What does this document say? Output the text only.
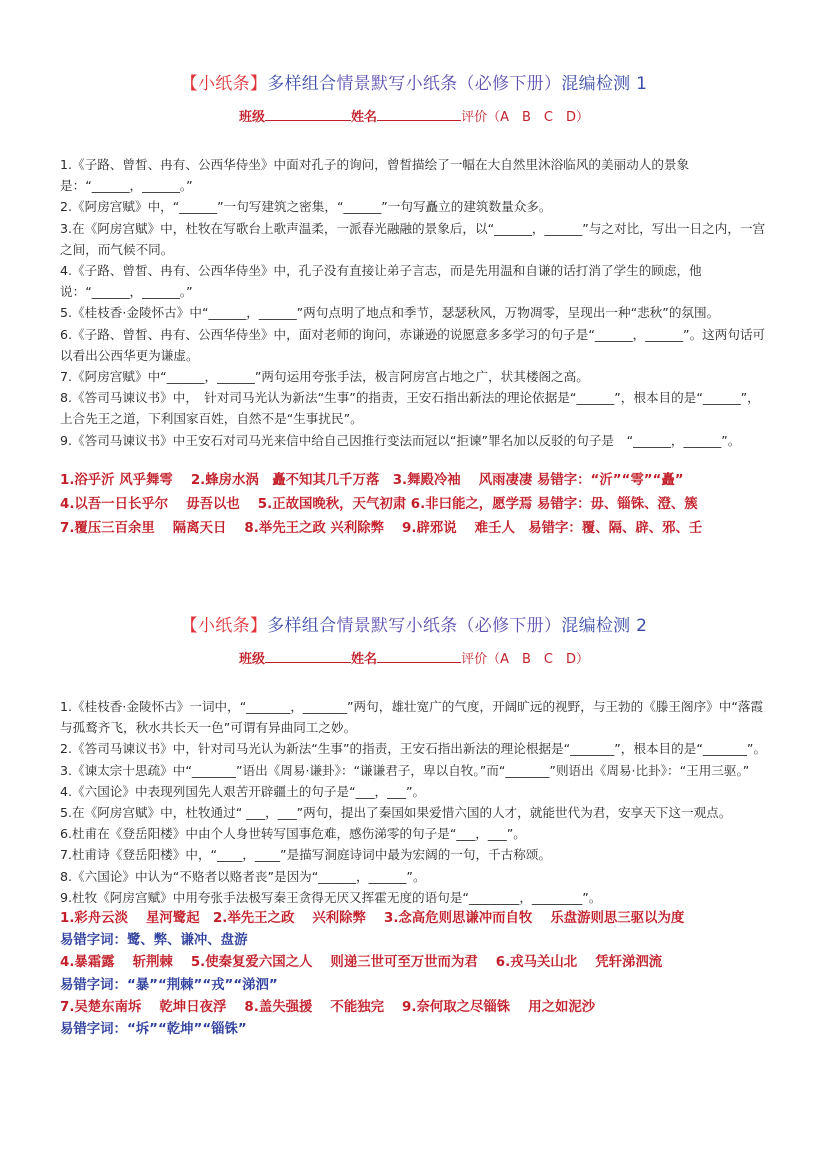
【小纸条】多样组合情景默写小纸条（必修下册）混编检测 1
班级	姓名	评价（A　B　C　D）

1.《子路、曾皙、冉有、公西华侍坐》中面对孔子的询问，曾皙描绘了一幅在大自然里沐浴临风的美丽动人的景象是：“______，______。”

2.《阿房宫赋》中，“______”一句写建筑之密集，“______”一句写矗立的建筑数量众多。

3.在《阿房宫赋》中，杜牧在写歌台上歌声温柔，一派春光融融的景象后，以“______，______”与之对比，写出一日之内，一宫之间，而气候不同。

4.《子路、曾皙、冉有、公西华侍坐》中，孔子没有直接让弟子言志，而是先用温和自谦的话打消了学生的顾虑，他说：“______，______。”

5.《桂枝香·金陵怀古》中“______，______”两句点明了地点和季节，瑟瑟秋风，万物凋零，呈现出一种“悲秋”的氛围。

6.《子路、曾皙、冉有、公西华侍坐》中，面对老师的询问，赤谦逊的说愿意多多学习的句子是“______，______”。这两句话可以看出公西华更为谦虚。

7.《阿房宫赋》中“______，______”两句运用夸张手法，极言阿房宫占地之广，状其楼阁之高。

8.《答司马谏议书》中，　针对司马光认为新法“生事”的指责，王安石指出新法的理论依据是“______”，根本目的是“______”，上合先王之道，下利国家百姓，自然不是“生事扰民”。

9.《答司马谏议书》中王安石对司马光来信中给自己因推行变法而冠以“拒谏”罪名加以反驳的句子是　“______，______”。

1.浴乎沂 风乎舞雩　 2.蜂房水涡　矗不知其几千万落　3.舞殿冷袖　 风雨凄凄 易错字：“沂”“雩”“矗”

4.以吾一日长乎尔　 毋吾以也　 5.正故国晚秋，天气初肃 6.非曰能之，愿学焉 易错字：毋、锱铢、澄、簇

7.覆压三百余里　 隔离天日　 8.举先王之政 兴利除弊　 9.辟邪说　 难壬人　易错字：覆、隔、辟、邪、壬

【小纸条】多样组合情景默写小纸条（必修下册）混编检测 2
班级	姓名	评价（A　B　C　D）

1.《桂枝香·金陵怀古》一词中，“_______，_______”两句，雄壮宽广的气度，开阔旷远的视野，与王勃的《滕王阁序》中“落霞与孤鹜齐飞，秋水共长天一色”可谓有异曲同工之妙。

2.《答司马谏议书》中，针对司马光认为新法“生事”的指责，王安石指出新法的理论根据是“_______”，根本目的是“_______”。

3.《谏太宗十思疏》中“_______”语出《周易·谦卦》：“谦谦君子，卑以自牧。”而“_______”则语出《周易·比卦》：“王用三驱。”

4.《六国论》中表现列国先人艰苦开辟疆土的句子是“___，___”。

5.在《阿房宫赋》中，杜牧通过“ ___，___”两句，提出了秦国如果爱惜六国的人才，就能世代为君，安享天下这一观点。

6.杜甫在《登岳阳楼》中由个人身世转写国事危难，感伤涕零的句子是“___，___”。

7.杜甫诗《登岳阳楼》中，“____，____”是描写洞庭诗词中最为宏阔的一句，千古称颂。

8.《六国论》中认为“不赂者以赂者丧”是因为“______，______”。

9.杜牧《阿房宫赋》中用夸张手法极写秦王贪得无厌又挥霍无度的语句是“________，________”。

1.彩舟云淡　 星河鹭起　2.举先王之政　 兴利除弊　 3.念高危则思谦冲而自牧　 乐盘游则思三驱以为度

易错字词：鹭、弊、谦冲、盘游

4.暴霜露　 斩荆棘　 5.使秦复爱六国之人　 则递三世可至万世而为君　 6.戎马关山北　 凭轩涕泗流

易错字词：“暴”“荆棘”“戎”“涕泗”

7.吴楚东南坼　 乾坤日夜浮　 8.盖失强援　 不能独完　 9.奈何取之尽锱铢　 用之如泥沙

易错字词：“坼”“乾坤”“锱铢”
